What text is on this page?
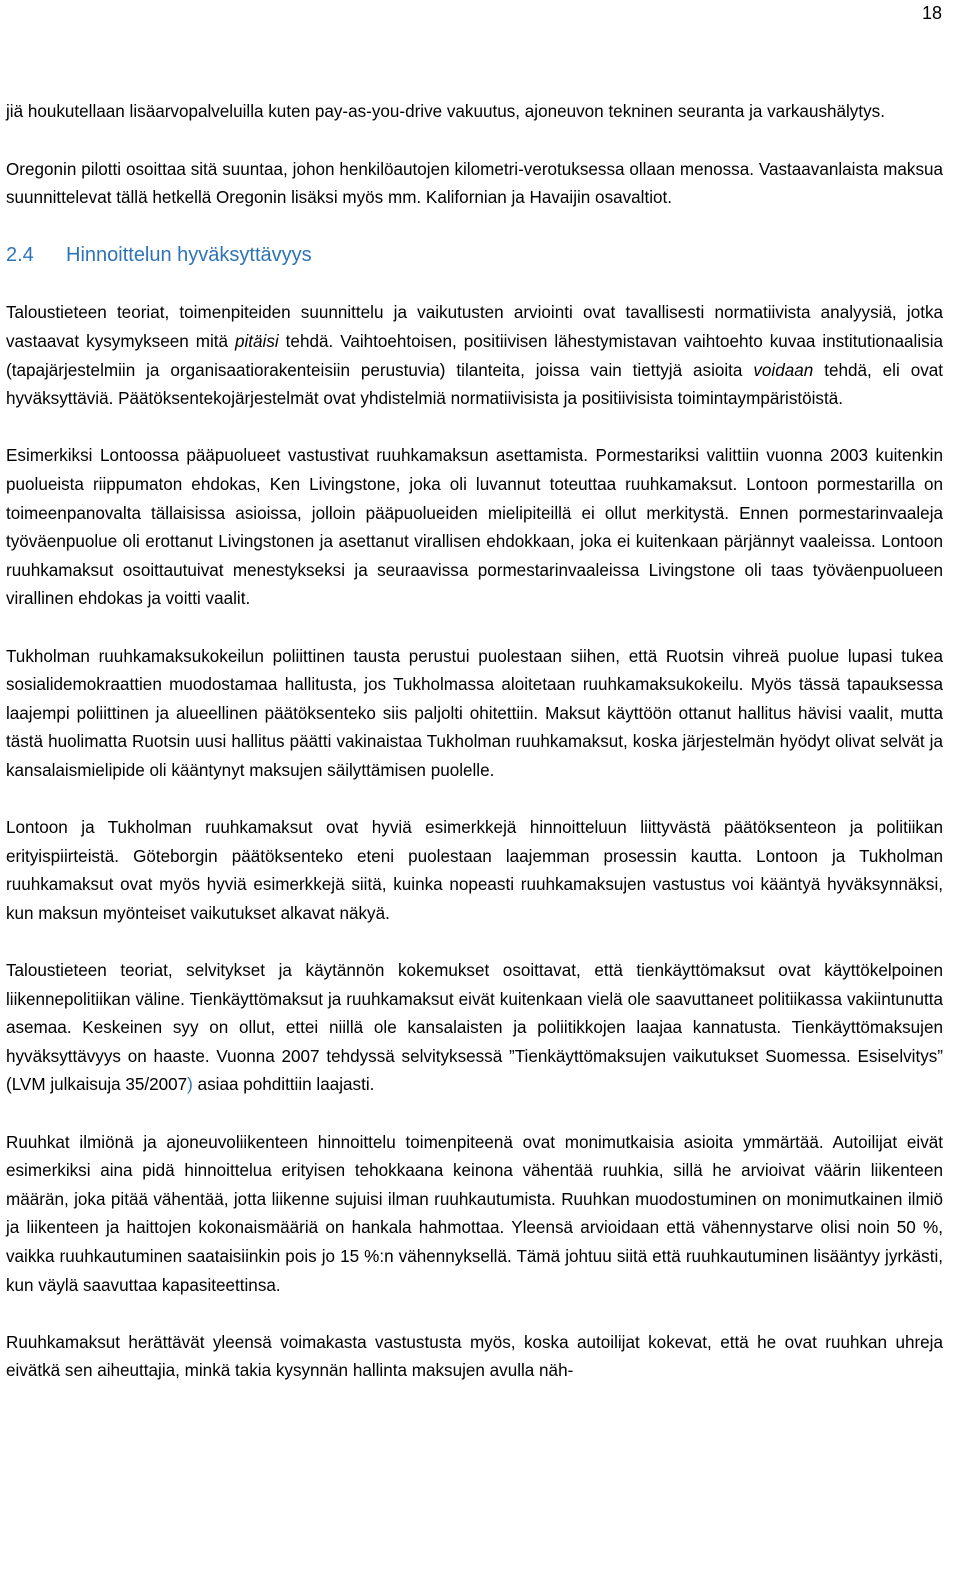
18

jiä houkutellaan lisäarvopalveluilla kuten pay-as-you-drive vakuutus, ajoneuvon tekninen seuranta ja varkaushälytys.

Oregonin pilotti osoittaa sitä suuntaa, johon henkilöautojen kilometri-verotuksessa ollaan menossa. Vastaavanlaista maksua suunnittelevat tällä hetkellä Oregonin lisäksi myös mm. Kalifornian ja Havaijin osavaltiot.

2.4 Hinnoittelun hyväksyttävyys

Taloustieteen teoriat, toimenpiteiden suunnittelu ja vaikutusten arviointi ovat tavallisesti normatiivista analyysiä, jotka vastaavat kysymykseen mitä pitäisi tehdä. Vaihtoehtoisen, positiivisen lähestymistavan vaihtoehto kuvaa institutionaalisia (tapajärjestelmiin ja organisaatiorakenteisiin perustuvia) tilanteita, joissa vain tiettyjä asioita voidaan tehdä, eli ovat hyväksyttäviä. Päätöksentekojärjestelmät ovat yhdistelmiä normatiivisista ja positiivisista toimintaympäristöistä.

Esimerkiksi Lontoossa pääpuolueet vastustivat ruuhkamaksun asettamista. Pormestariksi valittiin vuonna 2003 kuitenkin puolueista riippumaton ehdokas, Ken Livingstone, joka oli luvannut toteuttaa ruuhkamaksut. Lontoon pormestarilla on toimeenpanovalta tällaisissa asioissa, jolloin pääpuolueiden mielipiteillä ei ollut merkitystä. Ennen pormestarinvaaleja työväenpuolue oli erottanut Livingstonen ja asettanut virallisen ehdokkaan, joka ei kuitenkaan pärjännyt vaaleissa. Lontoon ruuhkamaksut osoittautuivat menestykseksi ja seuraavissa pormestarinvaaleissa Livingstone oli taas työväenpuolueen virallinen ehdokas ja voitti vaalit.

Tukholman ruuhkamaksukokeilun poliittinen tausta perustui puolestaan siihen, että Ruotsin vihreä puolue lupasi tukea sosialidemokraattien muodostamaa hallitusta, jos Tukholmassa aloitetaan ruuhkamaksukokeilu. Myös tässä tapauksessa laajempi poliittinen ja alueellinen päätöksenteko siis paljolti ohitettiin. Maksut käyttöön ottanut hallitus hävisi vaalit, mutta tästä huolimatta Ruotsin uusi hallitus päätti vakinaistaa Tukholman ruuhkamaksut, koska järjestelmän hyödyt olivat selvät ja kansalaismielipide oli kääntynyt maksujen säilyttämisen puolelle.

Lontoon ja Tukholman ruuhkamaksut ovat hyviä esimerkkejä hinnoitteluun liittyvästä päätöksenteon ja politiikan erityispiirteistä. Göteborgin päätöksenteko eteni puolestaan laajemman prosessin kautta. Lontoon ja Tukholman ruuhkamaksut ovat myös hyviä esimerkkejä siitä, kuinka nopeasti ruuhkamaksujen vastustus voi kääntyä hyväksynnäksi, kun maksun myönteiset vaikutukset alkavat näkyä.

Taloustieteen teoriat, selvitykset ja käytännön kokemukset osoittavat, että tienkäyttömaksut ovat käyttökelpoinen liikennepolitiikan väline. Tienkäyttömaksut ja ruuhkamaksut eivät kuitenkaan vielä ole saavuttaneet politiikassa vakiintunutta asemaa. Keskeinen syy on ollut, ettei niillä ole kansalaisten ja poliitikkojen laajaa kannatusta. Tienkäyttömaksujen hyväksyttävyys on haaste. Vuonna 2007 tehdyssä selvityksessä ”Tienkäyttömaksujen vaikutukset Suomessa. Esiselvitys” (LVM julkaisuja 35/2007) asiaa pohdittiin laajasti.

Ruuhkat ilmiönä ja ajoneuvoliikenteen hinnoittelu toimenpiteenä ovat monimutkaisia asioita ymmärtää. Autoilijat eivät esimerkiksi aina pidä hinnoittelua erityisen tehokkaana keinona vähentää ruuhkia, sillä he arvioivat väärin liikenteen määrän, joka pitää vähentää, jotta liikenne sujuisi ilman ruuhkautumista. Ruuhkan muodostuminen on monimutkainen ilmiö ja liikenteen ja haittojen kokonaismääriä on hankala hahmottaa. Yleensä arvioidaan että vähennystarve olisi noin 50 %, vaikka ruuhkautuminen saataisiinkin pois jo 15 %:n vähennyksellä. Tämä johtuu siitä että ruuhkautuminen lisääntyy jyrkästi, kun väylä saavuttaa kapasiteettinsa.

Ruuhkamaksut herättävät yleensä voimakasta vastustusta myös, koska autoilijat kokevat, että he ovat ruuhkan uhreja eivätkä sen aiheuttajia, minkä takia kysynnän hallinta maksujen avulla näh-
